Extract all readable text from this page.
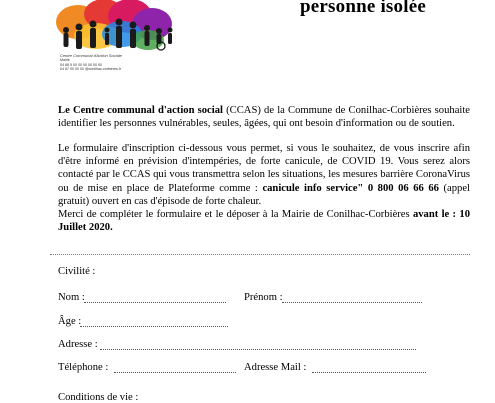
Centre Communal d'Action Sociale
Mairie
04 68 5 00 00 00 00 00 00
04 67 00 00 00 @conilhac-corbieres.fr
personne isolée
Le Centre communal d'action social (CCAS) de la Commune de Conilhac-Corbières souhaite identifier les personnes vulnérables, seules, âgées, qui ont besoin d'information ou de soutien.
Le formulaire d'inscription ci-dessous vous permet, si vous le souhaitez, de vous inscrire afin d'être informé en prévision d'intempéries, de forte canicule, de COVID 19. Vous serez alors contacté par le CCAS qui vous transmettra selon les situations, les mesures barrière CoronaVirus ou de mise en place de Plateforme comme : canicule info service" 0 800 06 66 66 (appel gratuit) ouvert en cas d'épisode de forte chaleur.
Merci de compléter le formulaire et le déposer à la Mairie de Conilhac-Corbières avant le : 10 Juillet 2020.
Civilité :
Nom :	Prénom :
Âge :
Adresse :
Téléphone :	Adresse Mail :
Conditions de vie :
